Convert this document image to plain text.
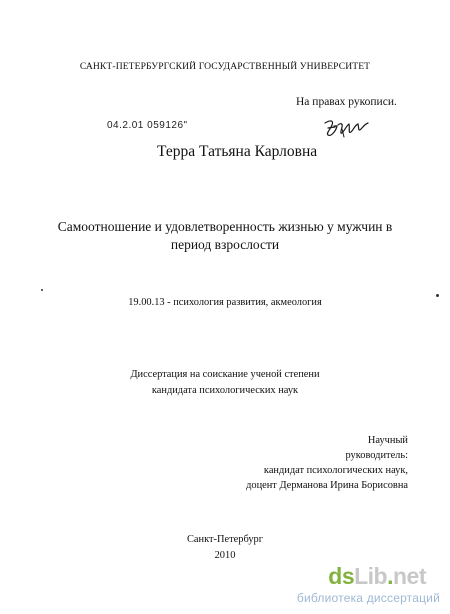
САНКТ-ПЕТЕРБУРГСКИЙ ГОСУДАРСТВЕННЫЙ УНИВЕРСИТЕТ
На правах рукописи.
04.2.01 059126"
Терра Татьяна Карловна
Самоотношение и удовлетворенность жизнью у мужчин в
период взрослости
19.00.13 - психология развития, акмеология
Диссертация на соискание ученой степени
кандидата психологических наук
Научный
руководитель:
кандидат психологических наук,
доцент Дерманова Ирина Борисовна
Санкт-Петербург
2010
dsLib.net
библиотека диссертаций
